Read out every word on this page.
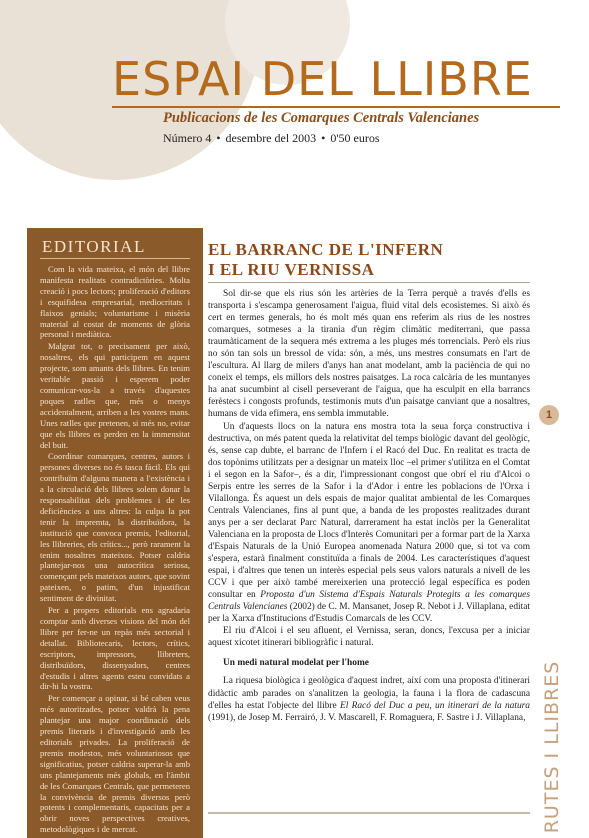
ESPAI DEL LLIBRE
Publicacions de les Comarques Centrals Valencianes
Número 4 • desembre del 2003 • 0'50 euros
EDITORIAL

Com la vida mateixa, el món del llibre manifesta realitats contradictòries. Molta creació i pocs lectors; proliferació d'editors i esquifidesa empresarial, mediocritats i flaixos genials; voluntarisme i misèria material al costat de moments de glòria personal i mediàtica.

Malgrat tot, o precisament per això, nosaltres, els qui participem en aquest projecte, som amants dels llibres. En tenim veritable passió i esperem poder comunicar-vos-la a través d'aquestes poques ratlles que, més o menys accidentalment, arriben a les vostres mans. Unes ratlles que pretenen, si més no, evitar que els llibres es perden en la immensitat del buit.

Coordinar comarques, centres, autors i persones diverses no és tasca fàcil. Els qui contribuïm d'alguna manera a l'existència i a la circulació dels llibres solem donar la responsabilitat dels problemes i de les deficiències a uns altres: la culpa la pot tenir la impremta, la distribuïdora, la institució que convoca premis, l'editorial, les llibreries, els crítics..., però rarament la tenim nosaltres mateixos. Potser caldria plantejar-nos una autocrítica seriosa, començant pels mateixos autors, que sovint pateixen, o patim, d'un injustificat sentiment de divinitat.

Per a propers editorials ens agradaria comptar amb diverses visions del món del llibre per fer-ne un repàs més sectorial i detallat. Bibliotecaris, lectors, crítics, escriptors, impressors, llibreters, distribuïdors, dissenyadors, centres d'estudis i altres agents esteu convidats a dir-hi la vostra.

Per començar a opinar, si bé caben veus més autoritzades, potser valdrà la pena plantejar una major coordinació dels premis literaris i d'investigació amb les editorials privades. La proliferació de premis modestos, més voluntariosos que significatius, potser caldria superar-la amb uns plantejaments més globals, en l'àmbit de les Comarques Centrals, que permeteren la convivència de premis diversos però potents i complementaris, capacitats per a obrir noves perspectives creatives, metodològiques i de mercat.

EL BARRANC DE L'INFERN
I EL RIU VERNISSA

Sol dir-se que els rius són les artèries de la Terra perquè a través d'ells es transporta i s'escampa generosament l'aigua, fluid vital dels ecosistemes. Si això és cert en termes generals, ho és molt més quan ens referim als rius de les nostres comarques, sotmeses a la tirania d'un règim climàtic mediterrani, que passa traumàticament de la sequera més extrema a les pluges més torrencials. Però els rius no són tan sols un bressol de vida: són, a més, uns mestres consumats en l'art de l'escultura. Al llarg de milers d'anys han anat modelant, amb la paciència de qui no coneix el temps, els millors dels nostres paisatges. La roca calcària de les muntanyes ha anat sucumbint al cisell perseverant de l'aigua, que ha esculpit en ella barrancs ferèstecs i congosts profunds, testimonis muts d'un paisatge canviant que a nosaltres, humans de vida efímera, ens sembla immutable.

Un d'aquests llocs on la natura ens mostra tota la seua força constructiva i destructiva, on més patent queda la relativitat del temps biològic davant del geològic, és, sense cap dubte, el barranc de l'Infern i el Racó del Duc. En realitat es tracta de dos topònims utilitzats per a designar un mateix lloc –el primer s'utilitza en el Comtat i el segon en la Safor–, és a dir, l'impressionant congost que obrí el riu d'Alcoi o Serpis entre les serres de la Safor i la d'Ador i entre les poblacions de l'Orxa i Vilallonga. És aquest un dels espais de major qualitat ambiental de les Comarques Centrals Valencianes, fins al punt que, a banda de les propostes realitzades durant anys per a ser declarat Parc Natural, darrerament ha estat inclòs per la Generalitat Valenciana en la proposta de Llocs d'Interès Comunitari per a formar part de la Xarxa d'Espais Naturals de la Unió Europea anomenada Natura 2000 que, si tot va com s'espera, estarà finalment constituïda a finals de 2004. Les característiques d'aquest espai, i d'altres que tenen un interès especial pels seus valors naturals a nivell de les CCV i que per això també mereixerien una protecció legal específica es poden consultar en Proposta d'un Sistema d'Espais Naturals Protegits a les comarques Centrals Valencianes (2002) de C. M. Mansanet, Josep R. Nebot i J. Villaplana, editat per la Xarxa d'Institucions d'Estudis Comarcals de les CCV.

El riu d'Alcoi i el seu afluent, el Vernissa, seran, doncs, l'excusa per a iniciar aquest xicotet itinerari bibliogràfic i natural.

Un medi natural modelat per l'home

La riquesa biològica i geològica d'aquest indret, així com una proposta d'itinerari didàctic amb parades on s'analitzen la geologia, la fauna i la flora de cadascuna d'elles ha estat l'objecte del llibre El Racó del Duc a peu, un itinerari de la natura (1991), de Josep M. Ferrairó, J. V. Mascarell, F. Romaguera, F. Sastre i J. Villaplana,

1
RUTES I LLIBRES
